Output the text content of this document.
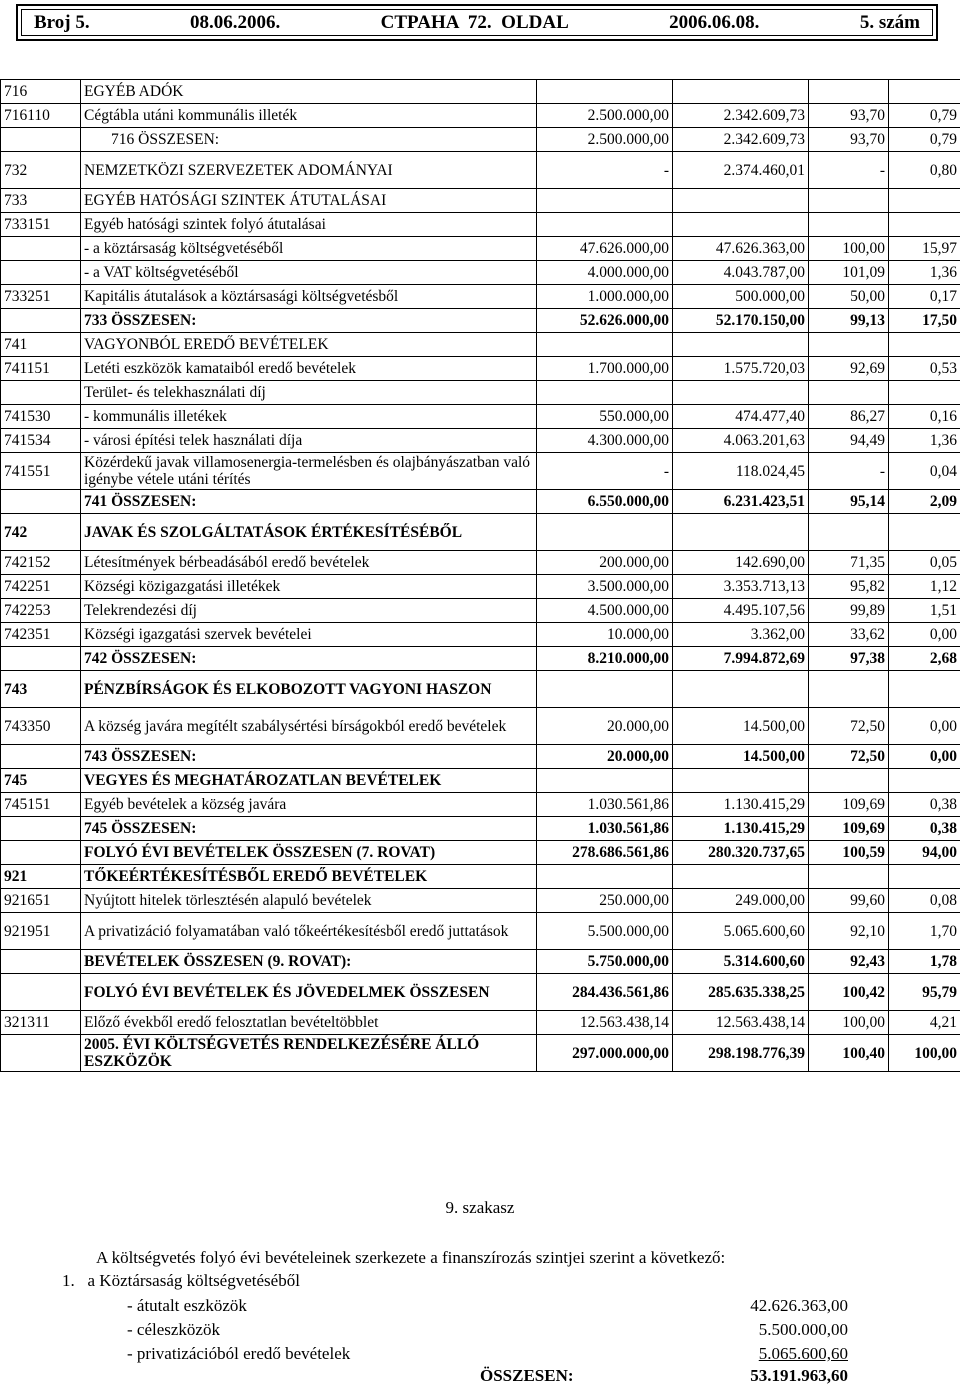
Broj 5.	08.06.2006.	CTPAHA  72.  OLDAL	2006.06.08.	5. szám
716	EGYÉB ADÓK				
716110	Cégtábla utáni kommunális illeték	2.500.000,00	2.342.609,73	93,70	0,79
	716 ÖSSZESEN:	2.500.000,00	2.342.609,73	93,70	0,79
732	NEMZETKÖZI SZERVEZETEK ADOMÁNYAI	-	2.374.460,01	-	0,80
733	EGYÉB HATÓSÁGI SZINTEK ÁTUTALÁSAI				
733151	Egyéb hatósági szintek folyó átutalásai				
	- a köztársaság költségvetéséből	47.626.000,00	47.626.363,00	100,00	15,97
	- a VAT költségvetéséből	4.000.000,00	4.043.787,00	101,09	1,36
733251	Kapitális átutalások a köztársasági költségvetésből	1.000.000,00	500.000,00	50,00	0,17
	733 ÖSSZESEN:	52.626.000,00	52.170.150,00	99,13	17,50
741	VAGYONBÓL EREDŐ BEVÉTELEK				
741151	Letéti eszközök kamataiból eredő bevételek	1.700.000,00	1.575.720,03	92,69	0,53
	Terület- és telekhasználati díj				
741530	- kommunális illetékek	550.000,00	474.477,40	86,27	0,16
741534	- városi építési telek használati díja	4.300.000,00	4.063.201,63	94,49	1,36
741551	Közérdekű javak villamosenergia-termelésben és olajbányászatban való igénybe vétele utáni térítés	-	118.024,45	-	0,04
	741 ÖSSZESEN:	6.550.000,00	6.231.423,51	95,14	2,09
742	JAVAK ÉS SZOLGÁLTATÁSOK ÉRTÉKESÍTÉSÉBŐL				
742152	Létesítmények bérbeadásából eredő bevételek	200.000,00	142.690,00	71,35	0,05
742251	Községi közigazgatási illetékek	3.500.000,00	3.353.713,13	95,82	1,12
742253	Telekrendezési díj	4.500.000,00	4.495.107,56	99,89	1,51
742351	Községi igazgatási szervek bevételei	10.000,00	3.362,00	33,62	0,00
	742 ÖSSZESEN:	8.210.000,00	7.994.872,69	97,38	2,68
743	PÉNZBÍRSÁGOK ÉS ELKOBOZOTT VAGYONI HASZON				
743350	A község javára megítélt szabálysértési bírságokból eredő bevételek	20.000,00	14.500,00	72,50	0,00
	743 ÖSSZESEN:	20.000,00	14.500,00	72,50	0,00
745	VEGYES ÉS MEGHATÁROZATLAN BEVÉTELEK				
745151	Egyéb bevételek a község javára	1.030.561,86	1.130.415,29	109,69	0,38
	745 ÖSSZESEN:	1.030.561,86	1.130.415,29	109,69	0,38
	FOLYÓ ÉVI BEVÉTELEK ÖSSZESEN (7. ROVAT)	278.686.561,86	280.320.737,65	100,59	94,00
921	TŐKEÉRTÉKESÍTÉSBŐL EREDŐ BEVÉTELEK				
921651	Nyújtott hitelek törlesztésén alapuló bevételek	250.000,00	249.000,00	99,60	0,08
921951	A privatizáció folyamatában való tőkeértékesítésből eredő juttatások	5.500.000,00	5.065.600,60	92,10	1,70
	BEVÉTELEK ÖSSZESEN (9. ROVAT):	5.750.000,00	5.314.600,60	92,43	1,78
	FOLYÓ ÉVI BEVÉTELEK ÉS JÖVEDELMEK ÖSSZESEN	284.436.561,86	285.635.338,25	100,42	95,79
321311	Előző évekből eredő felosztatlan bevételtöbblet	12.563.438,14	12.563.438,14	100,00	4,21
	2005. ÉVI KÖLTSÉGVETÉS RENDELKEZÉSÉRE ÁLLÓ ESZKÖZÖK	297.000.000,00	298.198.776,39	100,40	100,00
9. szakasz
A költségvetés folyó évi bevételeinek szerkezete a finanszírozás szintjei szerint a következő:
1. a Köztársaság költségvetéséből
- átutalt eszközök	42.626.363,00
- céleszközök	5.500.000,00
- privatizációból eredő bevételek	5.065.600,60
ÖSSZESEN:	53.191.963,60
